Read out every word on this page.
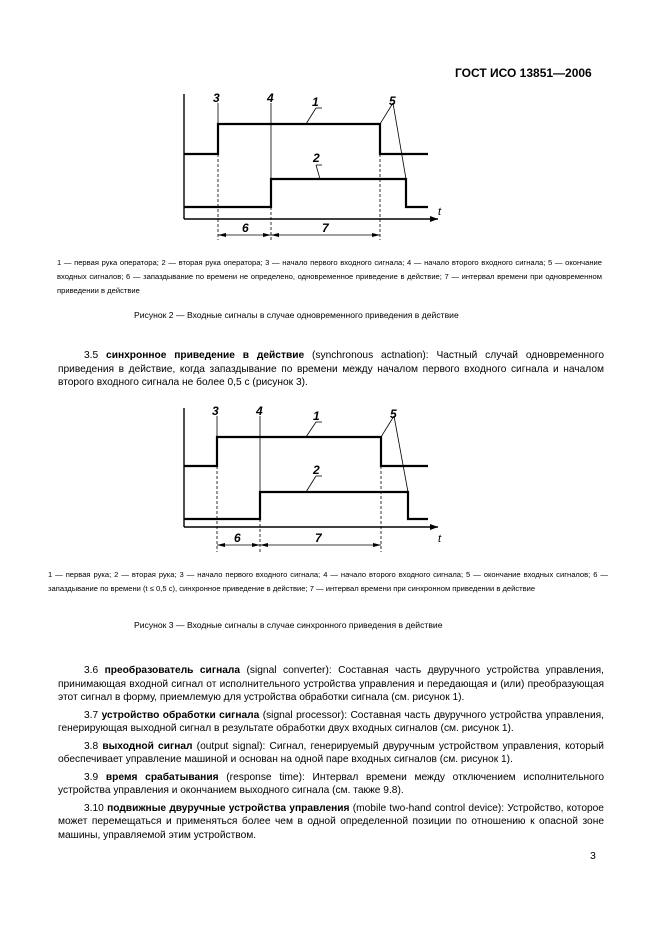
ГОСТ ИСО 13851—2006
3	4	1	5
2
6	7
t
1 — первая рука оператора; 2 — вторая рука оператора; 3 — начало первого входного сигнала; 4 — начало второго входного сигнала; 5 — окончание входных сигналов; 6 — запаздывание по времени не определено, одновременное приведение в действие; 7 — интервал времени при одновременном приведении в действие
Рисунок 2 — Входные сигналы в случае одновременного приведения в действие

3.5 синхронное приведение в действие (synchronous actnation): Частный случай одновременного приведения в действие, когда запаздывание по времени между началом первого входного сигнала и началом второго входного сигнала не более 0,5 с (рисунок 3).

3	4	1	5
2
6	7	t
1 — первая рука; 2 — вторая рука; 3 — начало первого входного сигнала; 4 — начало второго входного сигнала; 5 — окончание входных сигналов; 6 — запаздывание по времени (t ≤ 0,5 с), синхронное приведение в действие; 7 — интервал времени при синхронном приведении в действие
Рисунок 3 — Входные сигналы в случае синхронного приведения в действие

3.6 преобразователь сигнала (signal converter): Составная часть двуручного устройства управления, принимающая входной сигнал от исполнительного устройства управления и передающая и (или) преобразующая этот сигнал в форму, приемлемую для устройства обработки сигнала (см. рисунок 1).

3.7 устройство обработки сигнала (signal processor): Составная часть двуручного устройства управления, генерирующая выходной сигнал в результате обработки двух входных сигналов (см. рисунок 1).

3.8 выходной сигнал (output signal): Сигнал, генерируемый двуручным устройством управления, который обеспечивает управление машиной и основан на одной паре входных сигналов (см. рисунок 1).

3.9 время срабатывания (response time): Интервал времени между отключением исполнительного устройства управления и окончанием выходного сигнала (см. также 9.8).

3.10 подвижные двуручные устройства управления (mobile two-hand control device): Устройство, которое может перемещаться и применяться более чем в одной определенной позиции по отношению к опасной зоне машины, управляемой этим устройством.

3
